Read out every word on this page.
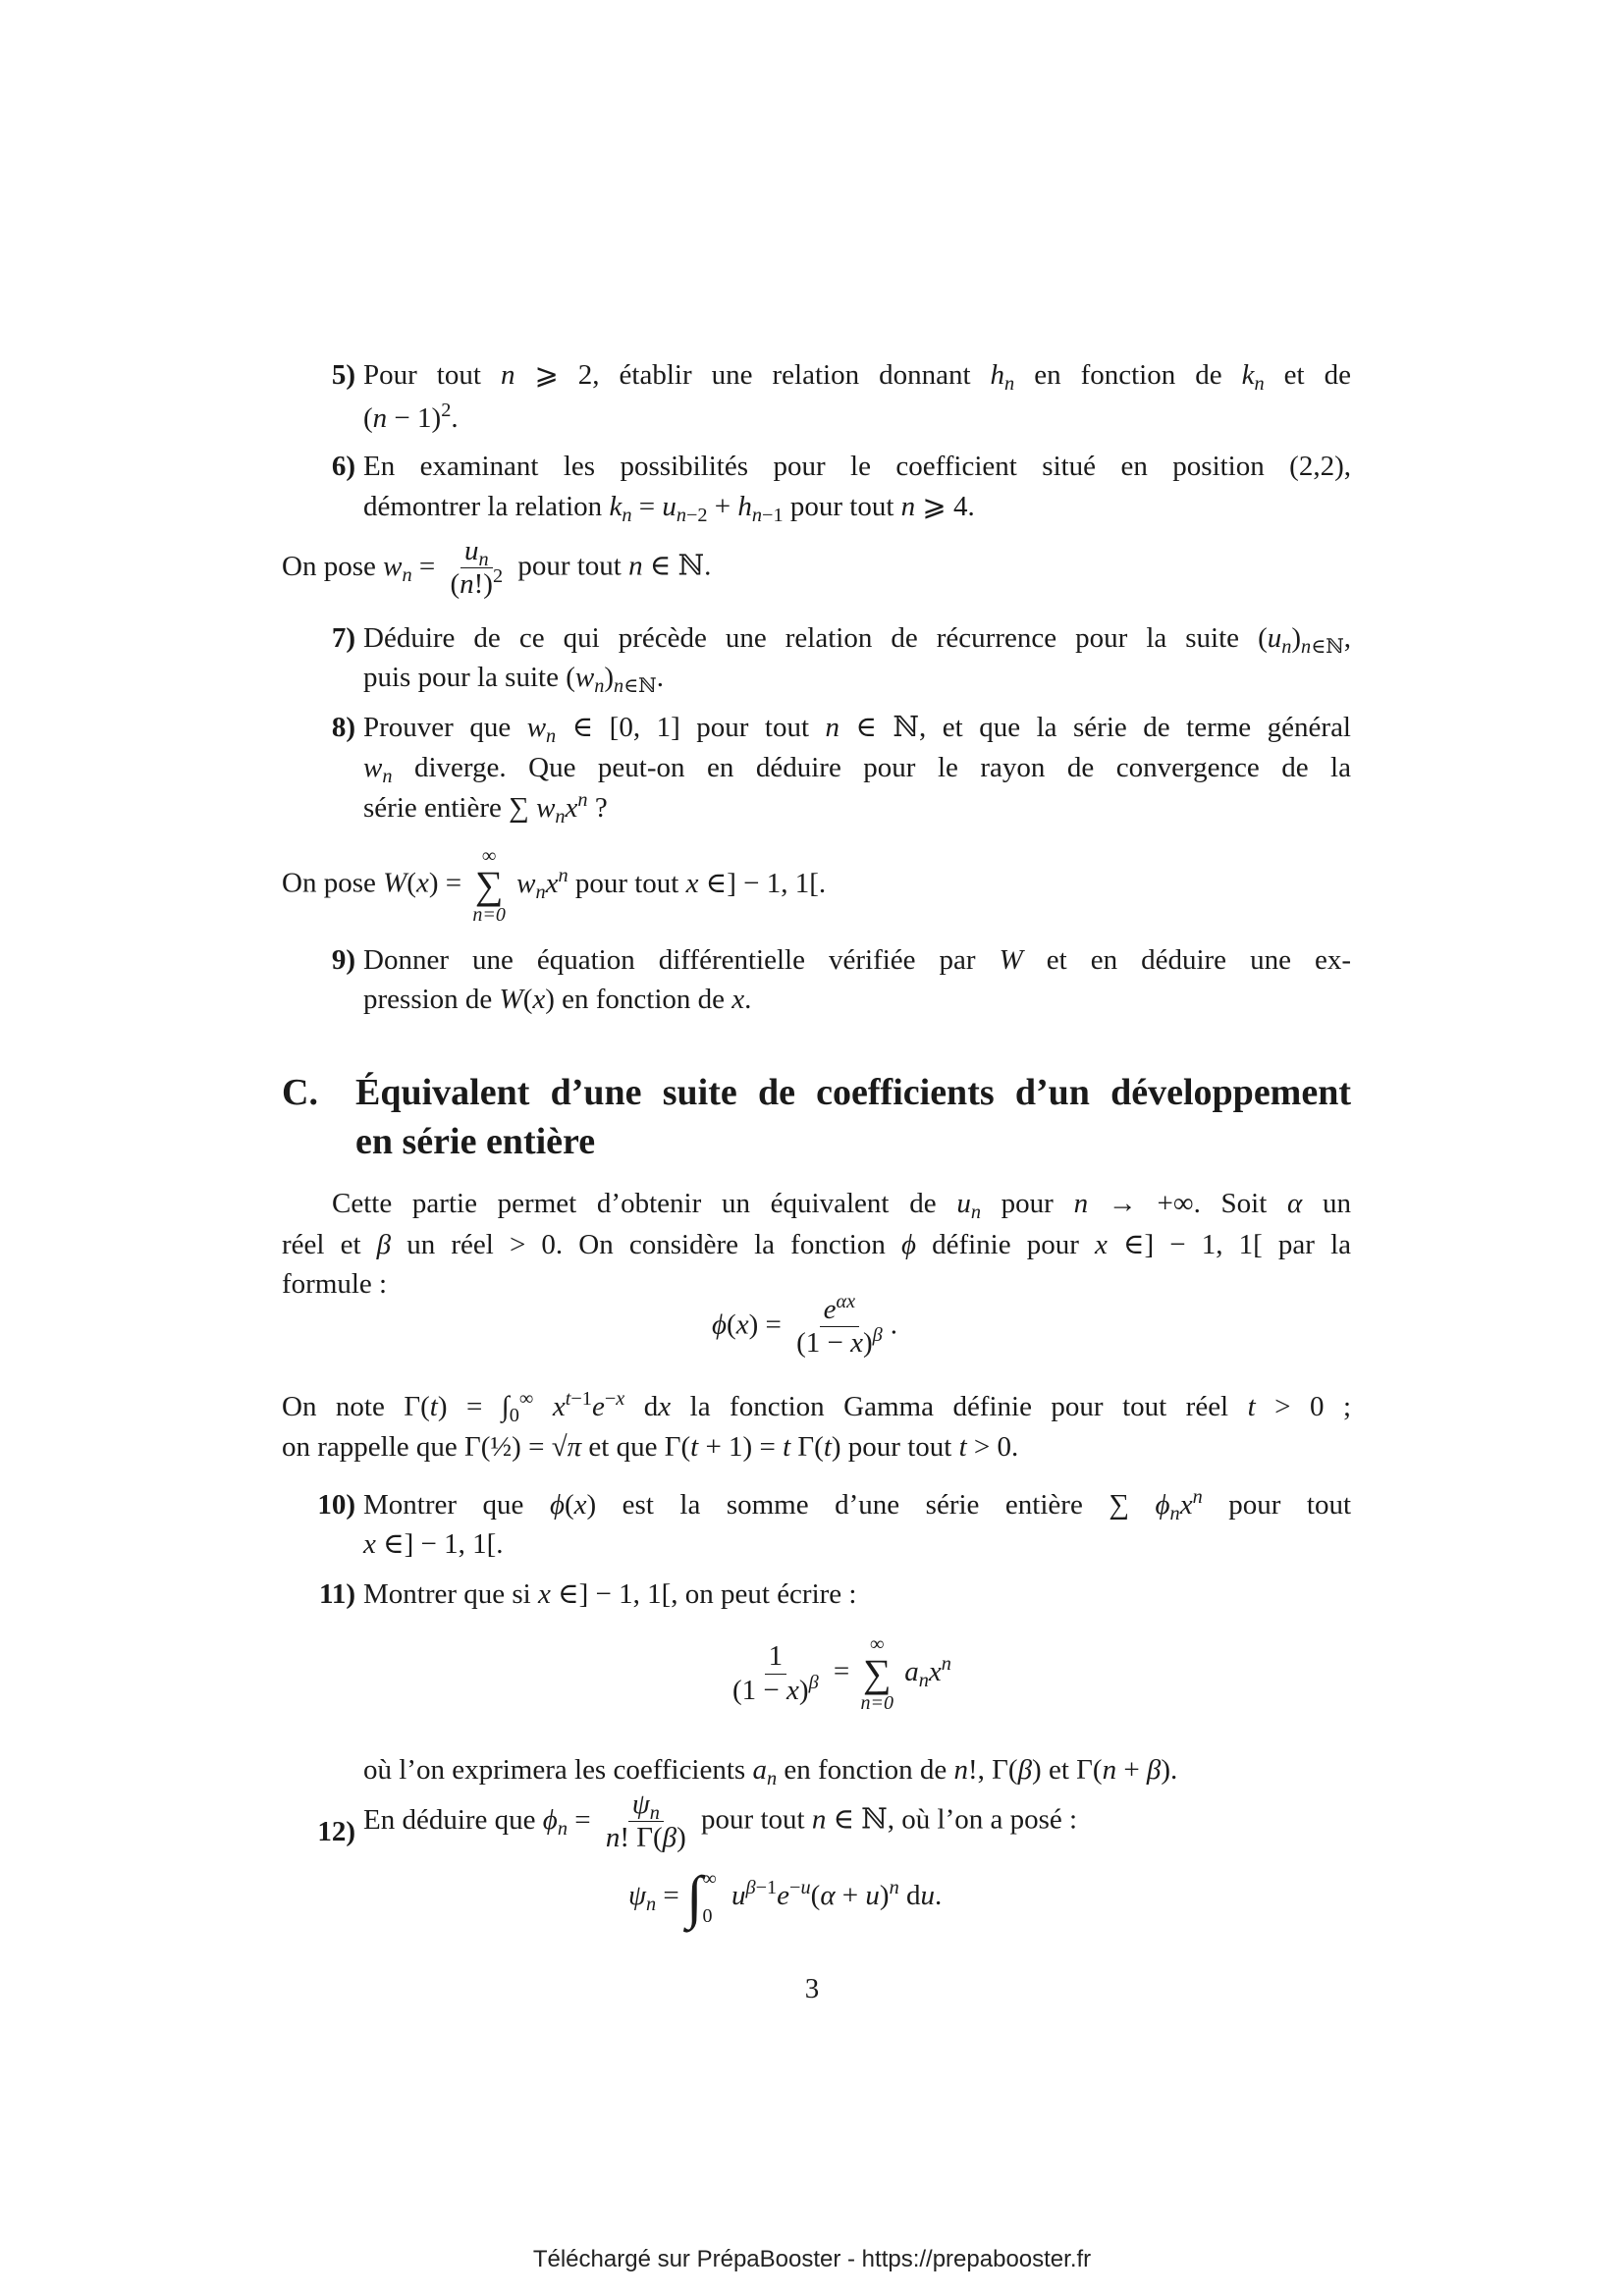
5) Pour tout n ⩾ 2, établir une relation donnant $h_n$ en fonction de $k_n$ et de
$(n - 1)^2$.
6) En examinant les possibilités pour le coefficient situé en position (2,2),
démontrer la relation $k_n = u_{n-2} + h_{n-1}$ pour tout n ⩾ 4.
On pose $w_n = \frac{u_n}{(n!)^2}$ pour tout n ∈ ℕ.
7) Déduire de ce qui précède une relation de récurrence pour la suite $(u_n)_{n\in ℕ}$,
puis pour la suite $(w_n)_{n\in ℕ}$.
8) Prouver que $w_n$ ∈ [0, 1] pour tout n ∈ ℕ, et que la série de terme général
$w_n$ diverge. Que peut-on en déduire pour le rayon de convergence de la
série entière ∑ $w_nx^n$ ?
On pose W(x) =
∞
∑
n=0
$w_nx^n$ pour tout x ∈] − 1, 1[.
9) Donner une équation différentielle vérifiée par W et en déduire une ex-
pression de W(x) en fonction de x.
C. Équivalent d’une suite de coefficients d’un développement
en série entière
Cette partie permet d’obtenir un équivalent de $u_n$ pour n → +∞. Soit α un
réel et β un réel > 0. On considère la fonction ϕ définie pour x ∈] − 1, 1[ par la
formule :
$\phi(x) = \frac{e^{\alpha x}}{(1 - x)^\beta}$ .
On note $\Gamma(t) = \int_0^\infty$ $x^{t-1}e^{-x}$ dx la fonction Gamma définie pour tout réel t > 0 ;
on rappelle que Γ(½) = √π et que Γ(t + 1) = t Γ(t) pour tout t > 0.
10) Montrer que ϕ(x) est la somme d’une série entière ∑ $\phi_nx^n$ pour tout
x ∈] − 1, 1[.
11) Montrer que si x ∈] − 1, 1[, on peut écrire :
$\frac{1}{(1 - x)^\beta}$ =
∞
∑
n=0
$a_nx^n$
où l’on exprimera les coefficients $a_n$ en fonction de n!, Γ(β) et Γ(n + β).
12) En déduire que $\phi_n = \frac{\psi_n}{n! \Gamma(\beta)}$ pour tout n ∈ ℕ, où l’on a posé :
$\psi_n$ = ∫ ∞
0
$u^{\beta-1}e^{-u}(\alpha + u)^n$ du.
3
Téléchargé sur PrépaBooster - https://prepabooster.fr
